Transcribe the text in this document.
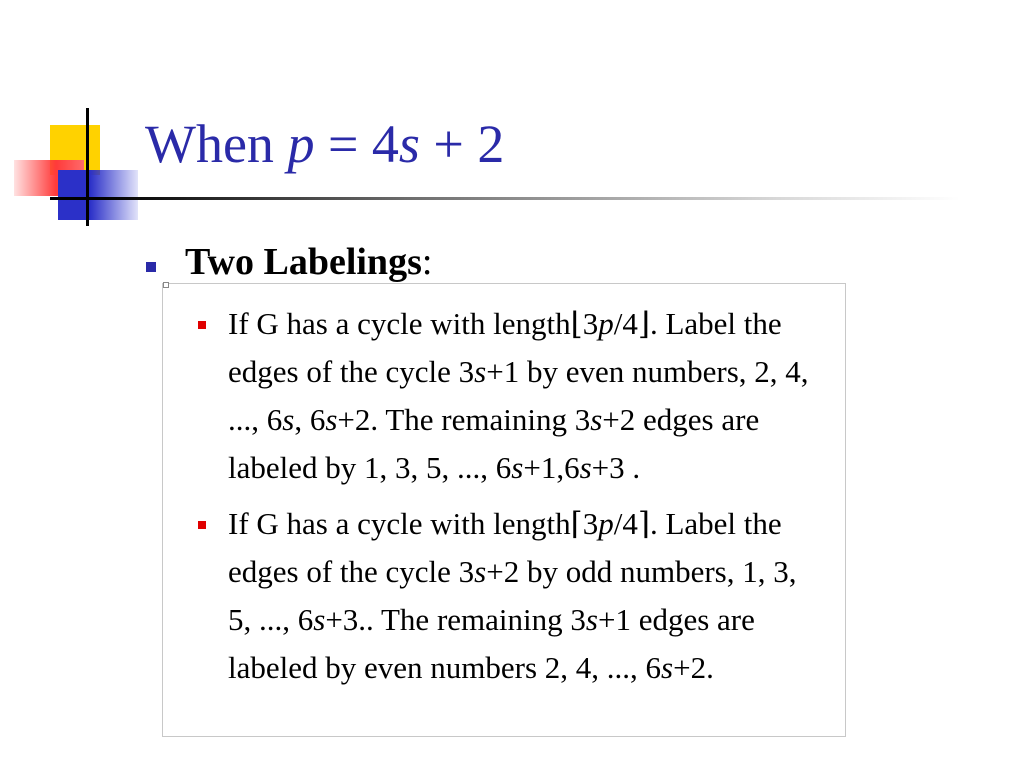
When p = 4s + 2
Two Labelings:
If G has a cycle with length⌊3p/4⌋. Label the
edges of the cycle 3s+1 by even numbers, 2, 4,
..., 6s, 6s+2. The remaining 3s+2 edges are
labeled by 1, 3, 5, ..., 6s+1,6s+3 .
If G has a cycle with length⌈3p/4⌉. Label the
edges of the cycle 3s+2 by odd numbers, 1, 3,
5, ..., 6s+3.. The remaining 3s+1 edges are
labeled by even numbers 2, 4, ..., 6s+2.
